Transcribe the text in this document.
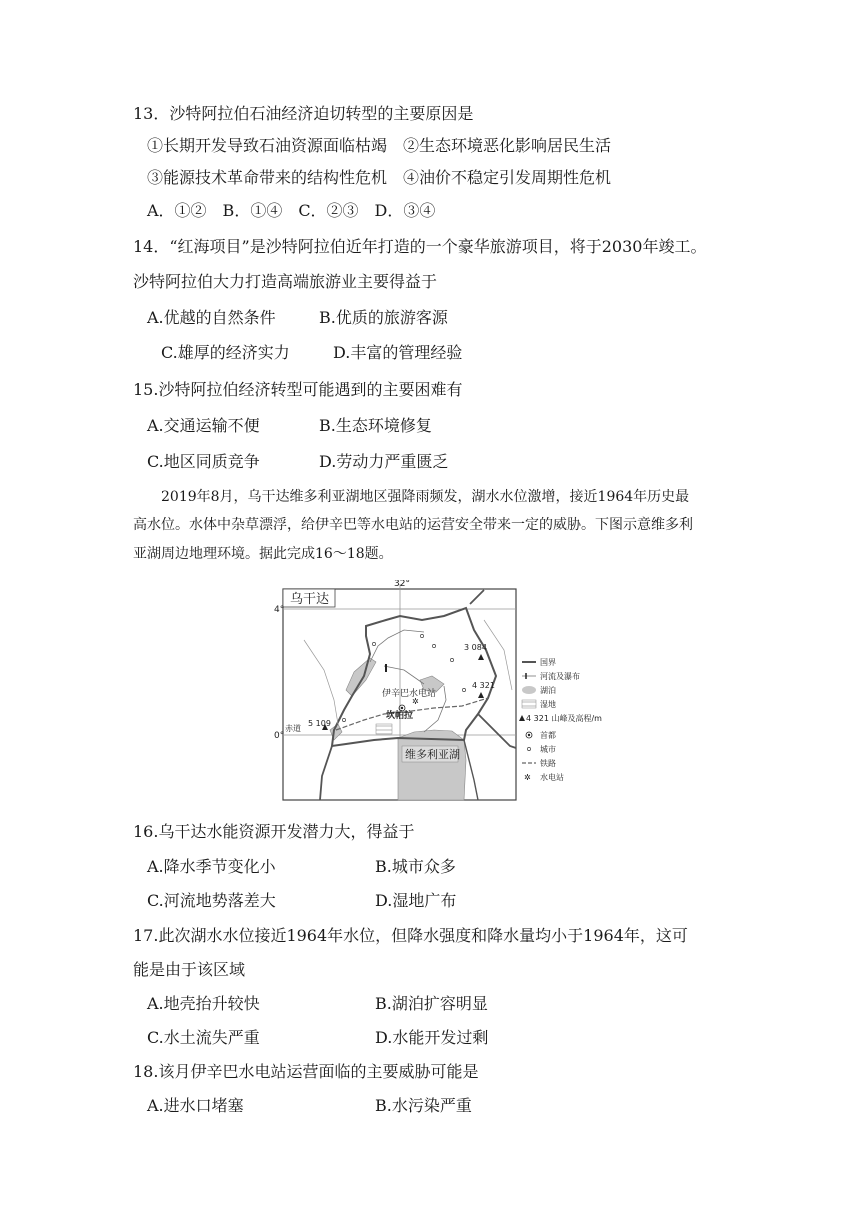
13．沙特阿拉伯石油经济迫切转型的主要原因是
①长期开发导致石油资源面临枯竭　②生态环境恶化影响居民生活
③能源技术革命带来的结构性危机　④油价不稳定引发周期性危机
A．①②　B．①④　C．②③　D．③④
14．“红海项目”是沙特阿拉伯近年打造的一个豪华旅游项目，将于2030年竣工。
沙特阿拉伯大力打造高端旅游业主要得益于
A.优越的自然条件	B.优质的旅游客源
C.雄厚的经济实力	D.丰富的管理经验
15.沙特阿拉伯经济转型可能遇到的主要困难有
A.交通运输不便	B.生态环境修复
C.地区同质竞争	D.劳动力严重匮乏
2019年8月，乌干达维多利亚湖地区强降雨频发，湖水水位激增，接近1964年历史最
高水位。水体中杂草漂浮，给伊辛巴等水电站的运营安全带来一定的威胁。下图示意维多利
亚湖周边地理环境。据此完成16～18题。
✲
乌干达
32°
4°
0°
赤道
3 084
4 321
5 109
伊辛巴水电站
坎帕拉
维多利亚湖
国界
河流及瀑布
湖泊
湿地
4 321 山峰及高程/m
首都
城市
铁路
✲ 水电站
16.乌干达水能资源开发潜力大，得益于
A.降水季节变化小	B.城市众多
C.河流地势落差大	D.湿地广布
17.此次湖水水位接近1964年水位，但降水强度和降水量均小于1964年，这可
能是由于该区域
A.地壳抬升较快	B.湖泊扩容明显
C.水土流失严重	D.水能开发过剩
18.该月伊辛巴水电站运营面临的主要威胁可能是
A.进水口堵塞	B.水污染严重
